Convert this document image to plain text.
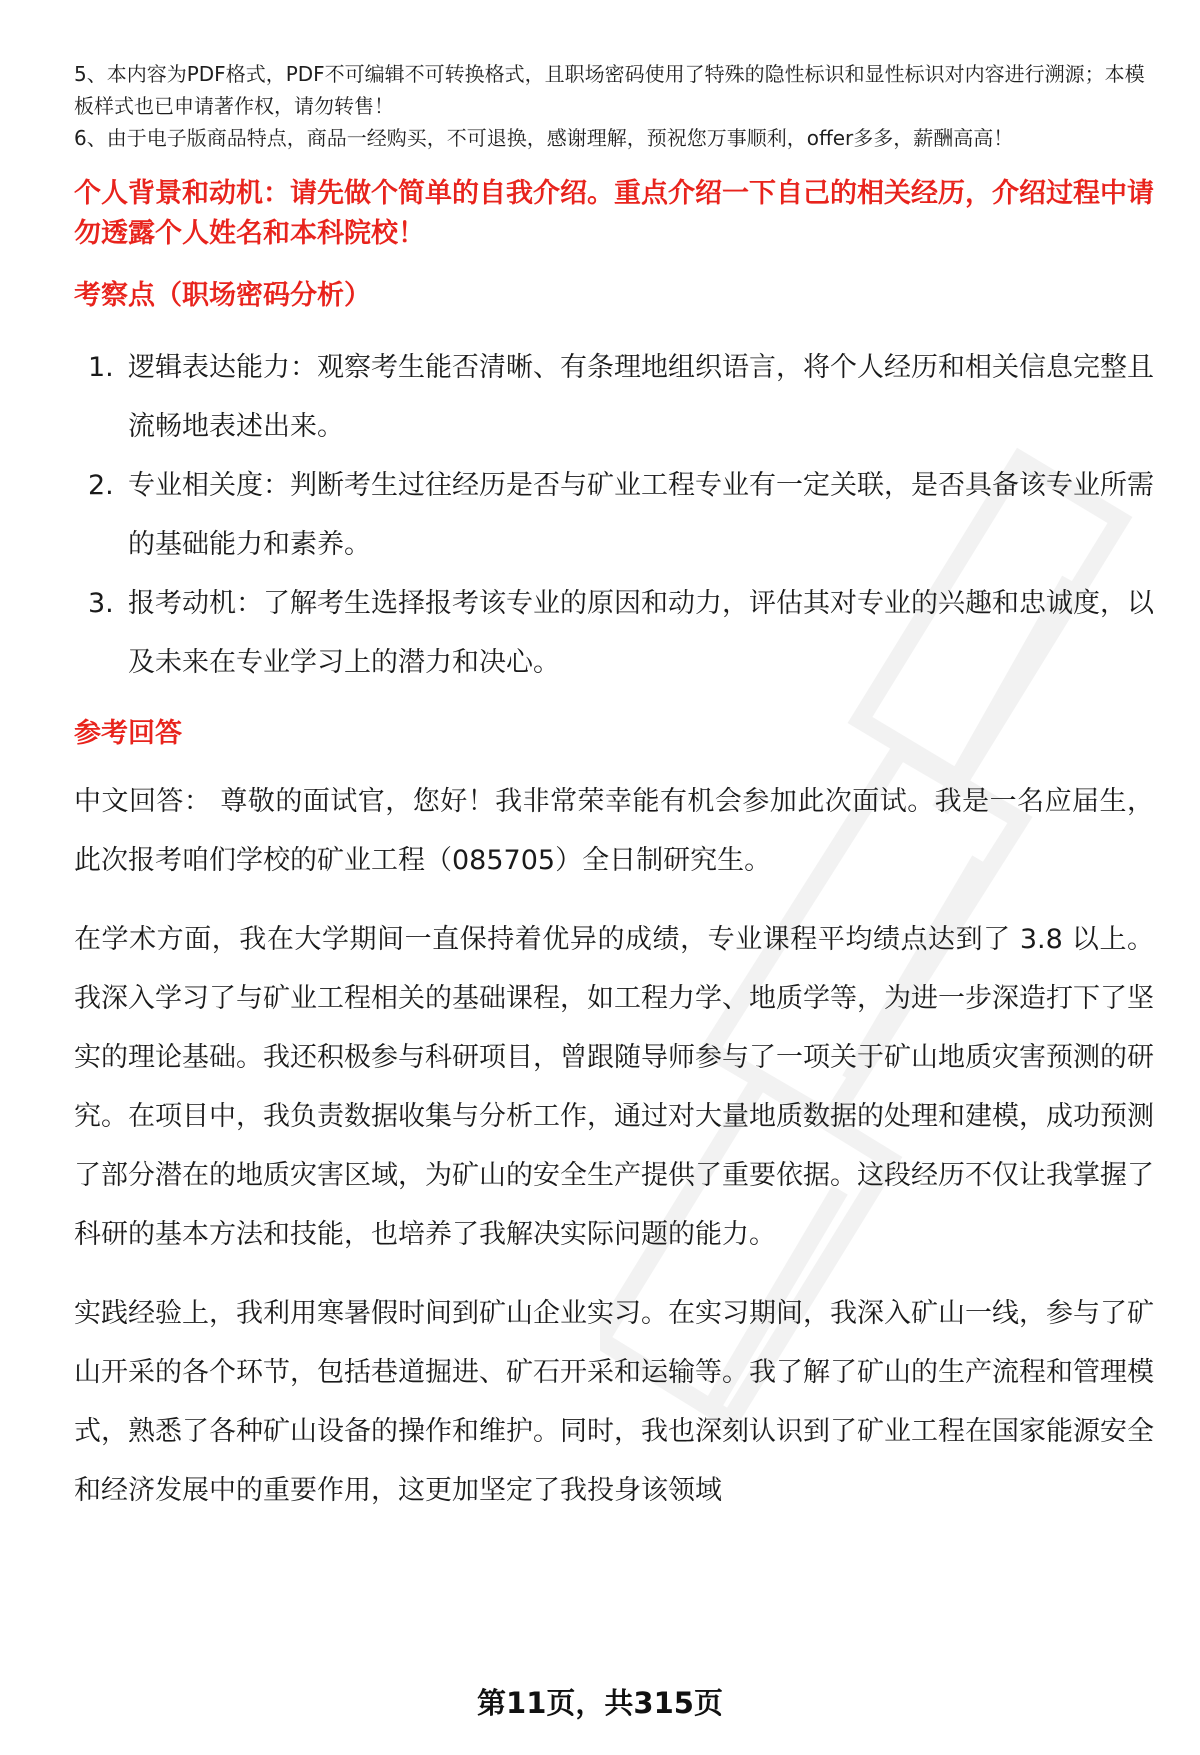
5、本内容为PDF格式，PDF不可编辑不可转换格式，且职场密码使用了特殊的隐性标识和显性标识对内容进行溯源；本模板样式也已申请著作权，请勿转售！

6、由于电子版商品特点，商品一经购买，不可退换，感谢理解，预祝您万事顺利，offer多多，薪酬高高！

个人背景和动机：请先做个简单的自我介绍。重点介绍一下自己的相关经历，介绍过程中请勿透露个人姓名和本科院校！

考察点（职场密码分析）

1. 逻辑表达能力：观察考生能否清晰、有条理地组织语言，将个人经历和相关信息完整且流畅地表述出来。
2. 专业相关度：判断考生过往经历是否与矿业工程专业有一定关联，是否具备该专业所需的基础能力和素养。
3. 报考动机：了解考生选择报考该专业的原因和动力，评估其对专业的兴趣和忠诚度，以及未来在专业学习上的潜力和决心。

参考回答

中文回答： 尊敬的面试官，您好！我非常荣幸能有机会参加此次面试。我是一名应届生，此次报考咱们学校的矿业工程（085705）全日制研究生。

在学术方面，我在大学期间一直保持着优异的成绩，专业课程平均绩点达到了 3.8 以上。我深入学习了与矿业工程相关的基础课程，如工程力学、地质学等，为进一步深造打下了坚实的理论基础。我还积极参与科研项目，曾跟随导师参与了一项关于矿山地质灾害预测的研究。在项目中，我负责数据收集与分析工作，通过对大量地质数据的处理和建模，成功预测了部分潜在的地质灾害区域，为矿山的安全生产提供了重要依据。这段经历不仅让我掌握了科研的基本方法和技能，也培养了我解决实际问题的能力。

实践经验上，我利用寒暑假时间到矿山企业实习。在实习期间，我深入矿山一线，参与了矿山开采的各个环节，包括巷道掘进、矿石开采和运输等。我了解了矿山的生产流程和管理模式，熟悉了各种矿山设备的操作和维护。同时，我也深刻认识到了矿业工程在国家能源安全和经济发展中的重要作用，这更加坚定了我投身该领域

第11页，共315页
